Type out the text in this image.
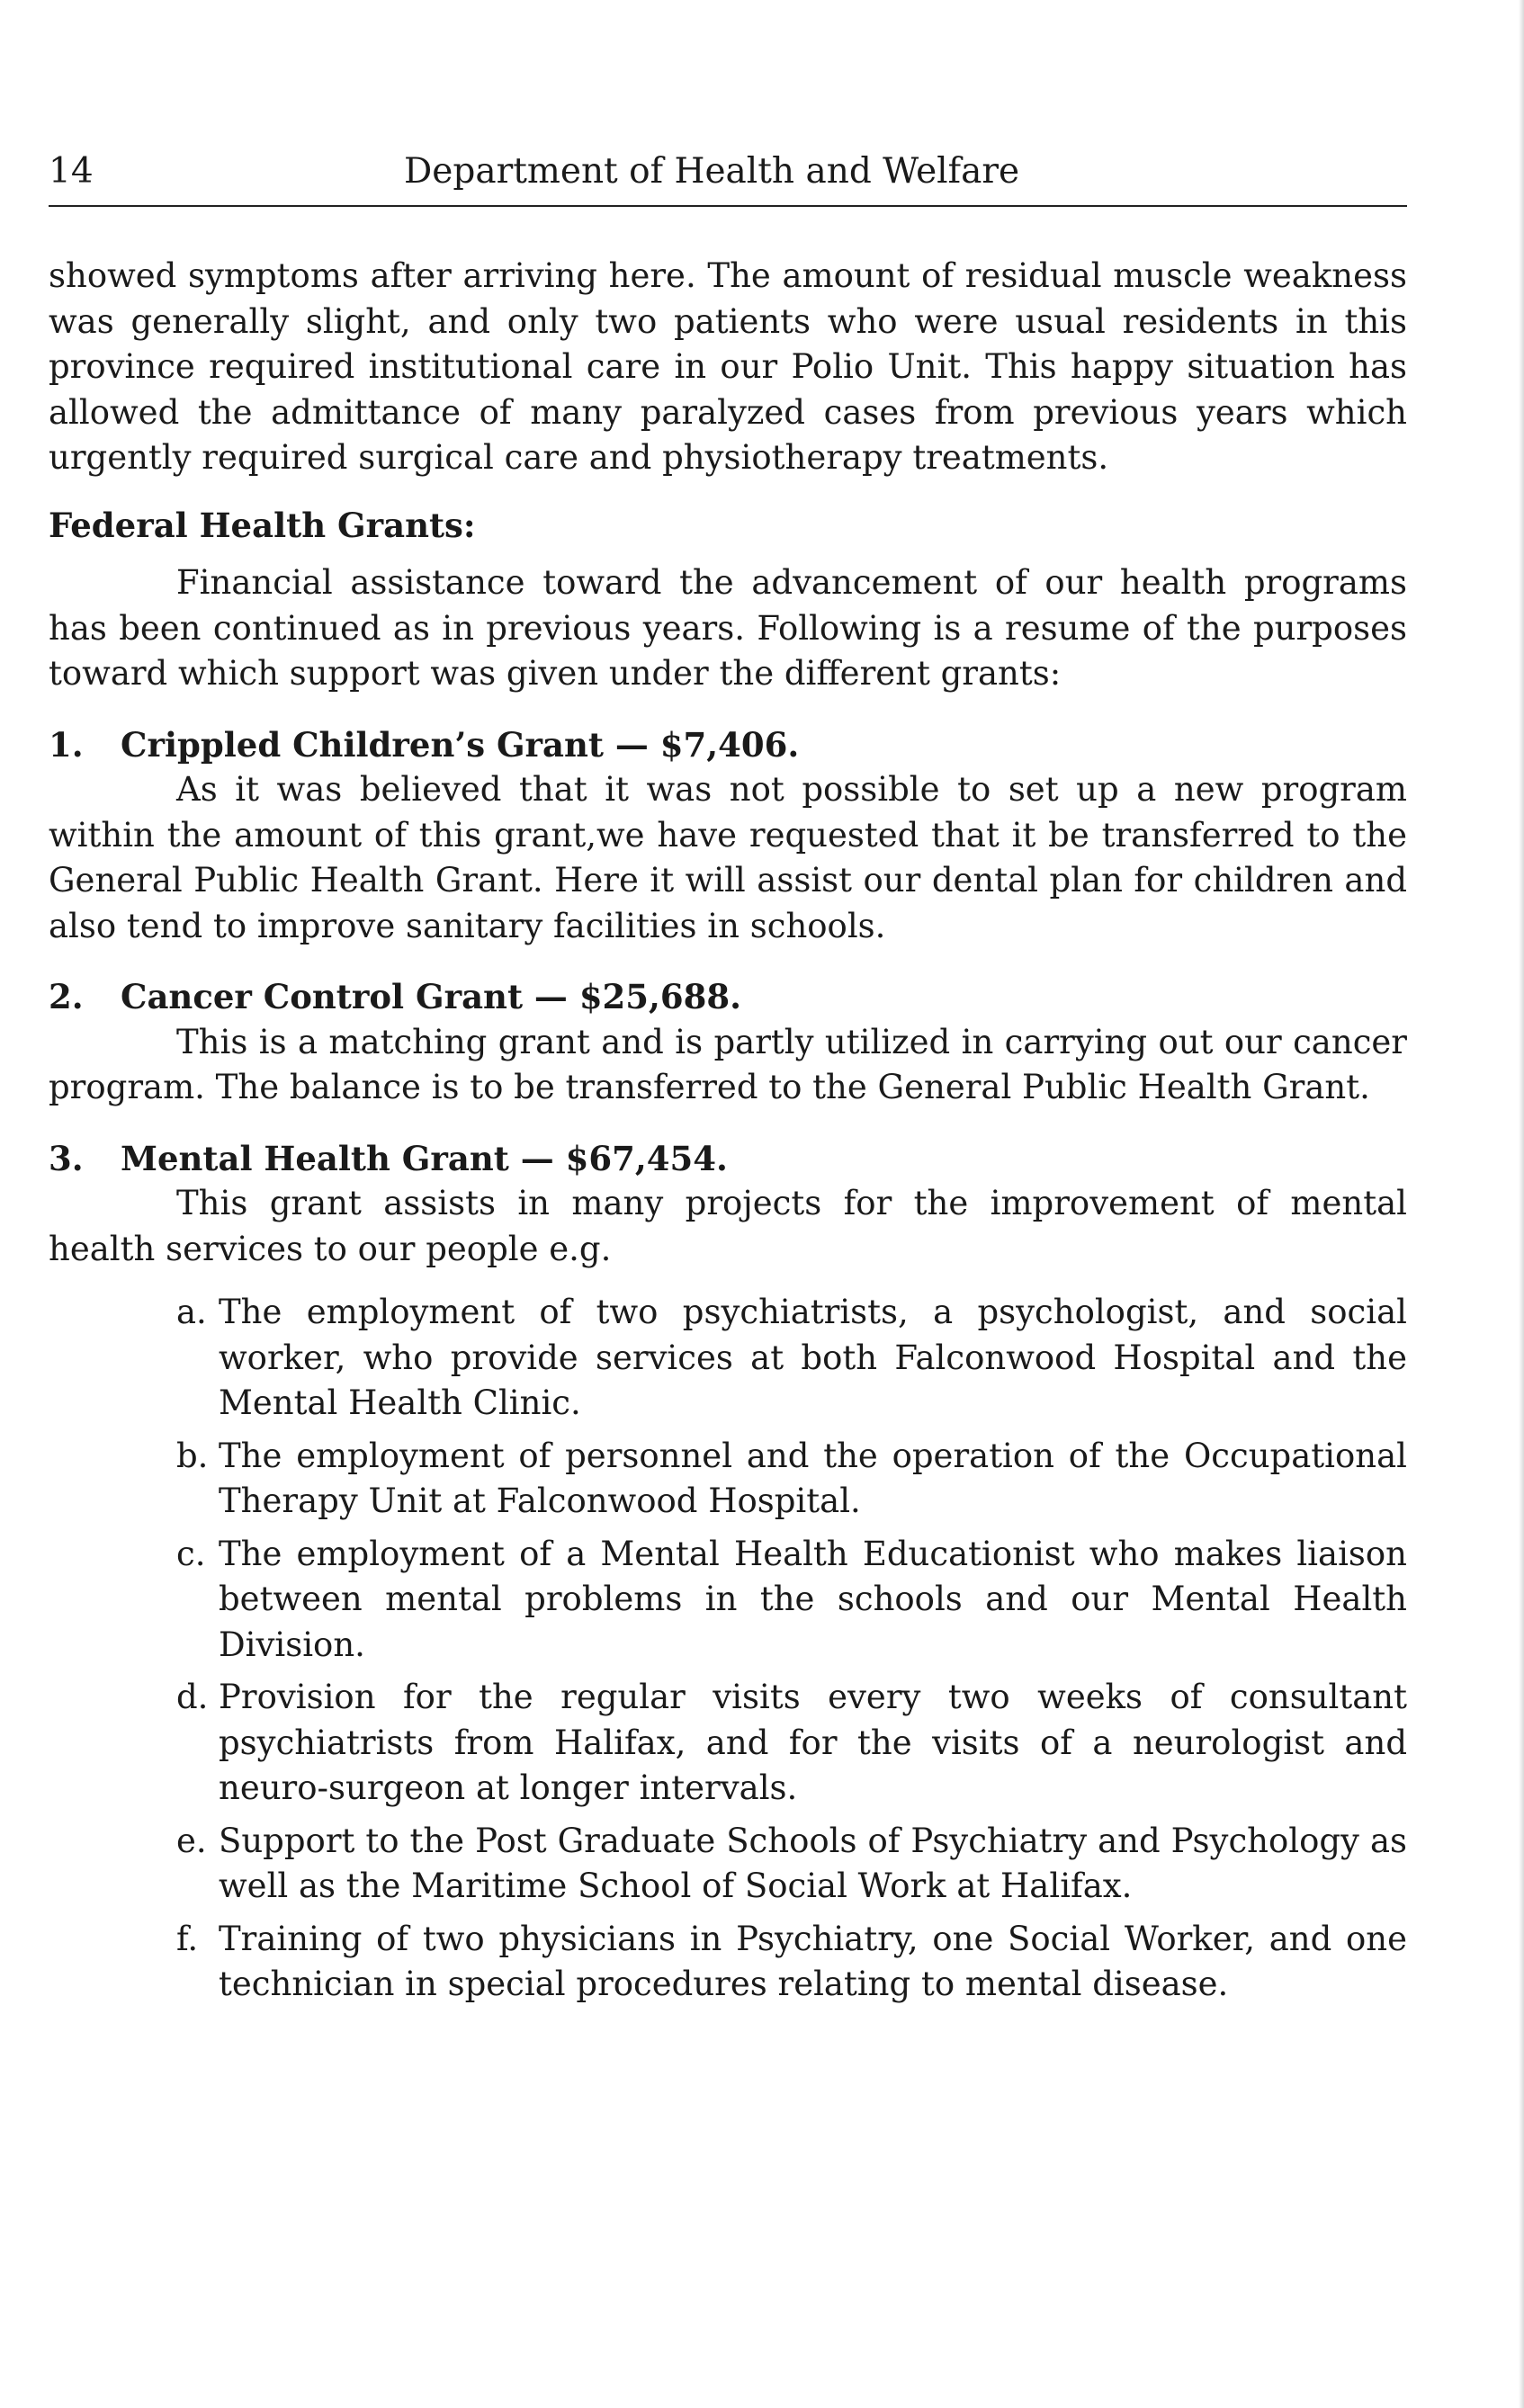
14	Department of Health and Welfare

showed symptoms after arriving here. The amount of residual muscle weakness was generally slight, and only two patients who were usual residents in this province required institutional care in our Polio Unit. This happy situation has allowed the admittance of many paralyzed cases from previous years which urgently required surgical care and physiotherapy treatments.

Federal Health Grants:

Financial assistance toward the advancement of our health programs has been continued as in previous years. Following is a resume of the purposes toward which support was given under the different grants:

1. Crippled Children’s Grant — $7,406.

As it was believed that it was not possible to set up a new program within the amount of this grant,we have requested that it be transferred to the General Public Health Grant. Here it will assist our dental plan for children and also tend to improve sanitary facilities in schools.

2. Cancer Control Grant — $25,688.

This is a matching grant and is partly utilized in carrying out our cancer program. The balance is to be transferred to the General Public Health Grant.

3. Mental Health Grant — $67,454.

This grant assists in many projects for the improvement of mental health services to our people e.g.

a. The employment of two psychiatrists, a psychologist, and social worker, who provide services at both Falconwood Hospital and the Mental Health Clinic.
b. The employment of personnel and the operation of the Occupational Therapy Unit at Falconwood Hospital.
c. The employment of a Mental Health Educationist who makes liaison between mental problems in the schools and our Mental Health Division.
d. Provision for the regular visits every two weeks of consultant psychiatrists from Halifax, and for the visits of a neurologist and neuro-surgeon at longer intervals.
e. Support to the Post Graduate Schools of Psychiatry and Psychology as well as the Maritime School of Social Work at Halifax.
f. Training of two physicians in Psychiatry, one Social Worker, and one technician in special procedures relating to mental disease.
